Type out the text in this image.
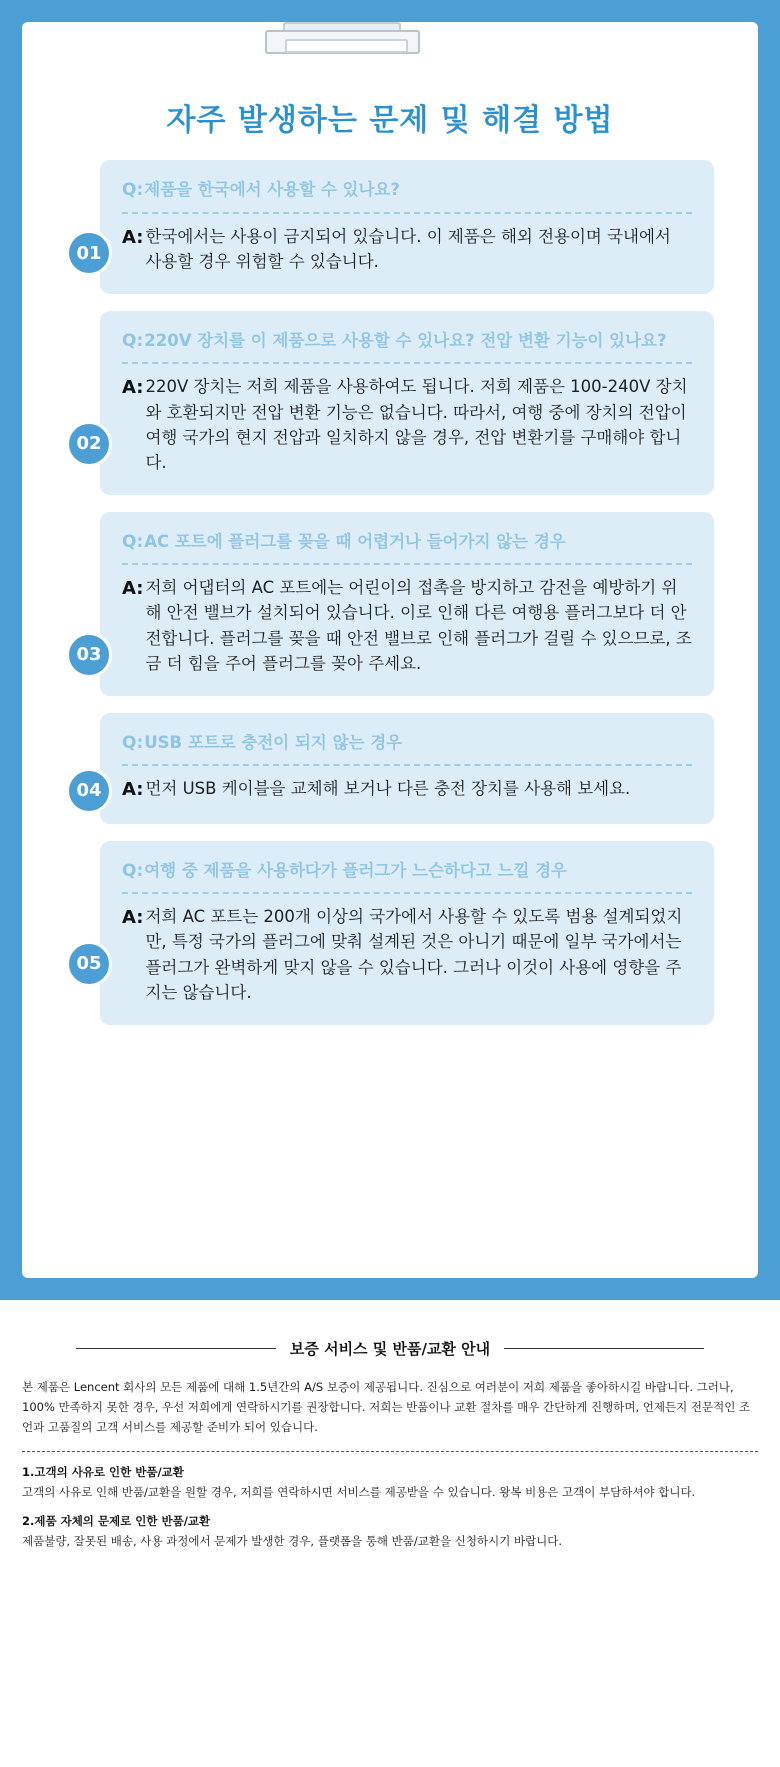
자주 발생하는 문제 및 해결 방법
01
Q: 제품을 한국에서 사용할 수 있나요?
A: 한국에서는 사용이 금지되어 있습니다. 이 제품은 해외 전용이며 국내에서 사용할 경우 위험할 수 있습니다.
02
Q: 220V 장치를 이 제품으로 사용할 수 있나요? 전압 변환 기능이 있나요?
A: 220V 장치는 저희 제품을 사용하여도 됩니다. 저희 제품은 100-240V 장치와 호환되지만 전압 변환 기능은 없습니다. 따라서, 여행 중에 장치의 전압이 여행 국가의 현지 전압과 일치하지 않을 경우, 전압 변환기를 구매해야 합니다.
03
Q: AC 포트에 플러그를 꽂을 때 어렵거나 들어가지 않는 경우
A: 저희 어댑터의 AC 포트에는 어린이의 접촉을 방지하고 감전을 예방하기 위해 안전 밸브가 설치되어 있습니다. 이로 인해 다른 여행용 플러그보다 더 안전합니다. 플러그를 꽂을 때 안전 밸브로 인해 플러그가 걸릴 수 있으므로, 조금 더 힘을 주어 플러그를 꽂아 주세요.
04
Q: USB 포트로 충전이 되지 않는 경우
A: 먼저 USB 케이블을 교체해 보거나 다른 충전 장치를 사용해 보세요.
05
Q: 여행 중 제품을 사용하다가 플러그가 느슨하다고 느낄 경우
A: 저희 AC 포트는 200개 이상의 국가에서 사용할 수 있도록 범용 설계되었지만, 특정 국가의 플러그에 맞춰 설계된 것은 아니기 때문에 일부 국가에서는 플러그가 완벽하게 맞지 않을 수 있습니다. 그러나 이것이 사용에 영향을 주지는 않습니다.
보증 서비스 및 반품/교환 안내
본 제품은 Lencent 회사의 모든 제품에 대해 1.5년간의 A/S 보증이 제공됩니다. 진심으로 여러분이 저희 제품을 좋아하시길 바랍니다. 그러나, 100% 만족하지 못한 경우, 우선 저희에게 연락하시기를 권장합니다. 저희는 반품이나 교환 절차를 매우 간단하게 진행하며, 언제든지 전문적인 조언과 고품질의 고객 서비스를 제공할 준비가 되어 있습니다.
1.고객의 사유로 인한 반품/교환
고객의 사유로 인해 반품/교환을 원할 경우, 저희를 연락하시면 서비스를 제공받을 수 있습니다. 왕복 비용은 고객이 부담하셔야 합니다.
2.제품 자체의 문제로 인한 반품/교환
제품불량, 잘못된 배송, 사용 과정에서 문제가 발생한 경우, 플랫폼을 통해 반품/교환을 신청하시기 바랍니다.
